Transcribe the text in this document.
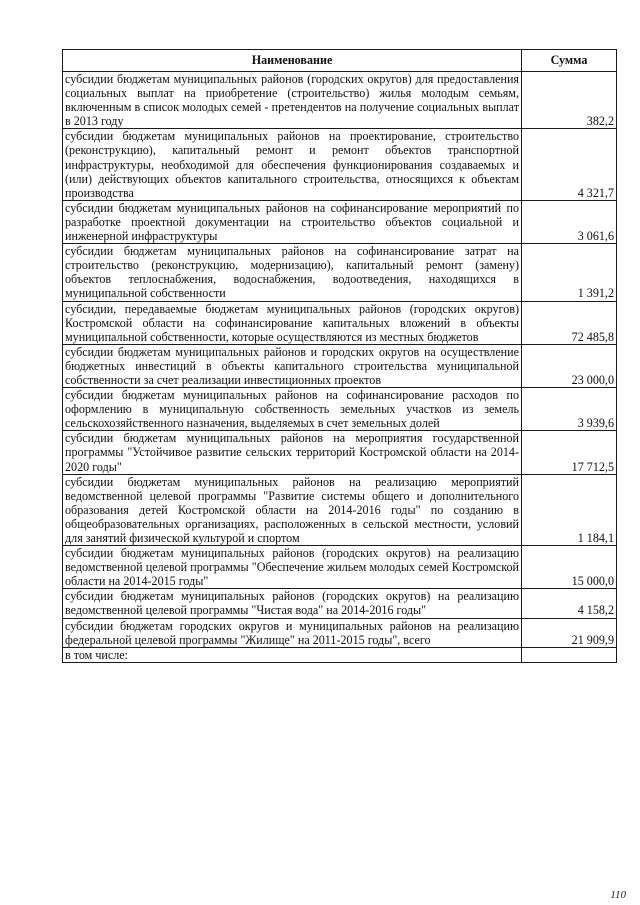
Наименование	Сумма
субсидии бюджетам муниципальных районов (городских округов) для предоставления социальных выплат на приобретение (строительство) жилья молодым семьям, включенным в список молодых семей - претендентов на получение социальных выплат в 2013 году	382,2
субсидии бюджетам муниципальных районов на проектирование, строительство (реконструкцию), капитальный ремонт и ремонт объектов транспортной инфраструктуры, необходимой для обеспечения функционирования создаваемых и (или) действующих объектов капитального строительства, относящихся к объектам производства	4 321,7
субсидии бюджетам муниципальных районов на софинансирование мероприятий по разработке проектной документации на строительство объектов социальной и инженерной инфраструктуры	3 061,6
субсидии бюджетам муниципальных районов на софинансирование затрат на строительство (реконструкцию, модернизацию), капитальный ремонт (замену) объектов теплоснабжения, водоснабжения, водоотведения, находящихся в муниципальной собственности	1 391,2
субсидии, передаваемые бюджетам муниципальных районов (городских округов) Костромской области на софинансирование капитальных вложений в объекты муниципальной собственности, которые осуществляются из местных бюджетов	72 485,8
субсидии бюджетам муниципальных районов и городских округов на осуществление бюджетных инвестиций в объекты капитального строительства муниципальной собственности за счет реализации инвестиционных проектов	23 000,0
субсидии бюджетам муниципальных районов на софинансирование расходов по оформлению в муниципальную собственность земельных участков из земель сельскохозяйственного назначения, выделяемых в счет земельных долей	3 939,6
субсидии бюджетам муниципальных районов на мероприятия государственной программы "Устойчивое развитие сельских территорий Костромской области на 2014-2020 годы"	17 712,5
субсидии бюджетам муниципальных районов на реализацию мероприятий ведомственной целевой программы "Развитие системы общего и дополнительного образования детей Костромской области на 2014-2016 годы" по созданию в общеобразовательных организациях, расположенных в сельской местности, условий для занятий физической культурой и спортом	1 184,1
субсидии бюджетам муниципальных районов (городских округов) на реализацию ведомственной целевой программы "Обеспечение жильем молодых семей Костромской области на 2014-2015 годы"	15 000,0
субсидии бюджетам муниципальных районов (городских округов) на реализацию ведомственной целевой программы "Чистая вода" на 2014-2016 годы"	4 158,2
субсидии бюджетам городских округов и муниципальных районов на реализацию федеральной целевой программы "Жилище" на 2011-2015 годы", всего	21 909,9
в том числе:	
110
